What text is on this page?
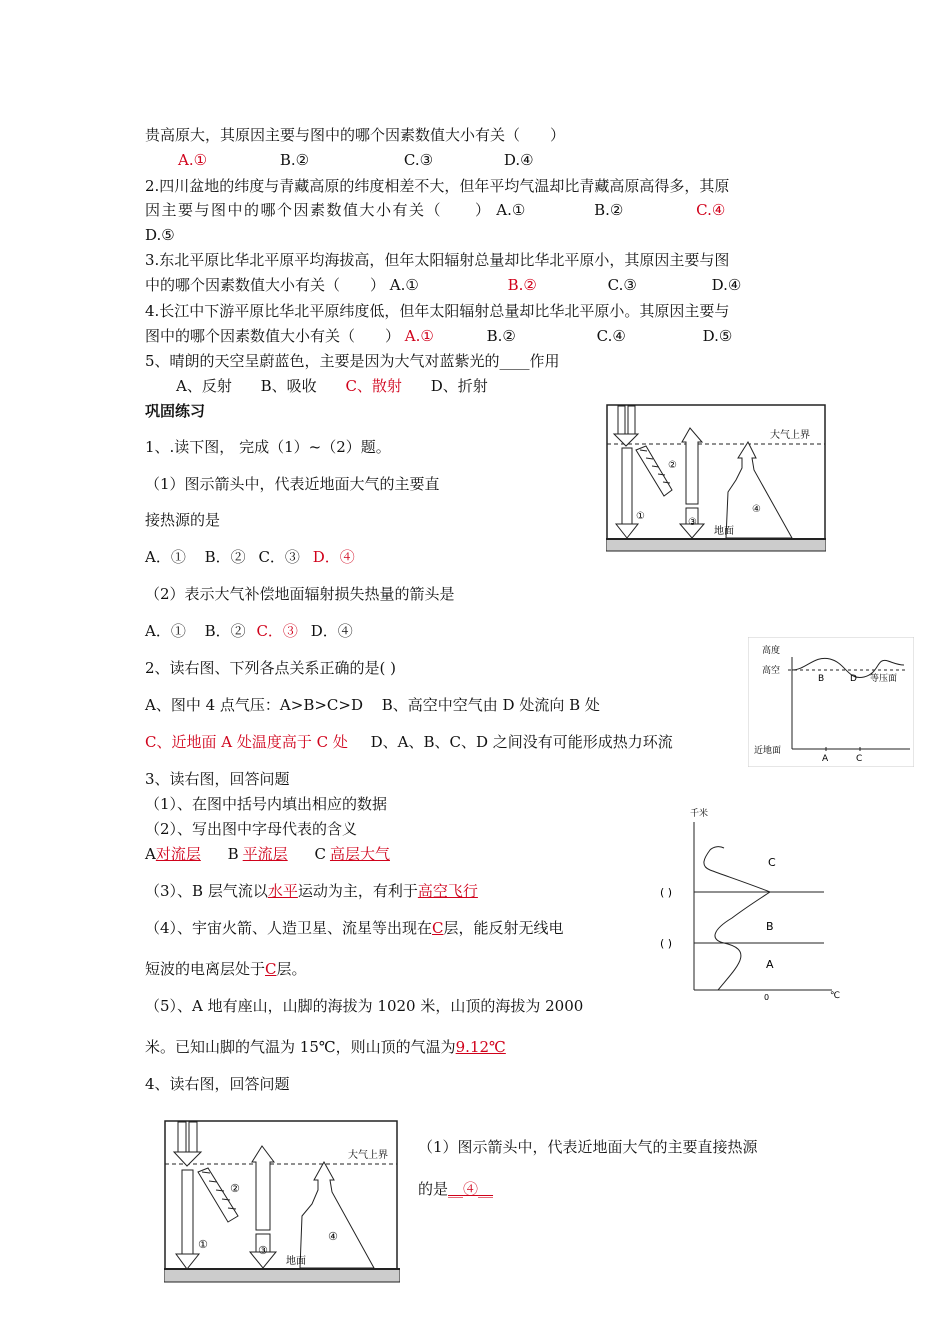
贵高原大，其原因主要与图中的哪个因素数值大小有关（　　）
A.①	B.②	C.③	D.④
2.四川盆地的纬度与青藏高原的纬度相差不大，但年平均气温却比青藏高原高得多，其原
因主要与图中的哪个因素数值大小有关（　　） A.①	B.②	C.④
D.⑤
3.东北平原比华北平原平均海拔高，但年太阳辐射总量却比华北平原小，其原因主要与图
中的哪个因素数值大小有关（　　） A.①	B.②	C.③	D.④
4.长江中下游平原比华北平原纬度低，但年太阳辐射总量却比华北平原小。其原因主要与
图中的哪个因素数值大小有关（　　） A.①	B.②	C.④	D.⑤
5、晴朗的天空呈蔚蓝色，主要是因为大气对蓝紫光的____作用
A、反射 B、吸收 C、散射 D、折射
巩固练习
1、.读下图， 完成（1）~（2）题。
（1）图示箭头中，代表近地面大气的主要直
接热源的是
A．① B．② C．③ D．④
（2）表示大气补偿地面辐射损失热量的箭头是
A．① B．② C．③ D．④
2、读右图、下列各点关系正确的是( )
A、图中 4 点气压：A>B>C>D B、高空中空气由 D 处流向 B 处
C、近地面 A 处温度高于 C 处 D、A、B、C、D 之间没有可能形成热力环流
3、读右图，回答问题
（1）、在图中括号内填出相应的数据
（2）、写出图中字母代表的含义
A对流层 B 平流层 C 高层大气
（3）、B 层气流以水平运动为主，有利于高空飞行
（4）、宇宙火箭、人造卫星、流星等出现在C层，能反射无线电
短波的电离层处于C层。
（5）、A 地有座山，山脚的海拔为 1020 米，山顶的海拔为 2000
米。已知山脚的气温为 15℃，则山顶的气温为9.12℃
4、读右图，回答问题
（1）图示箭头中，代表近地面大气的主要直接热源
的是__④__
大气上界
①
②
③
④
地面
高度
高空
B	D 等压面
近地面
A	C
千米
C
B
A
( )
( )
0	℃
大气上界
①
②
③
④
地面
